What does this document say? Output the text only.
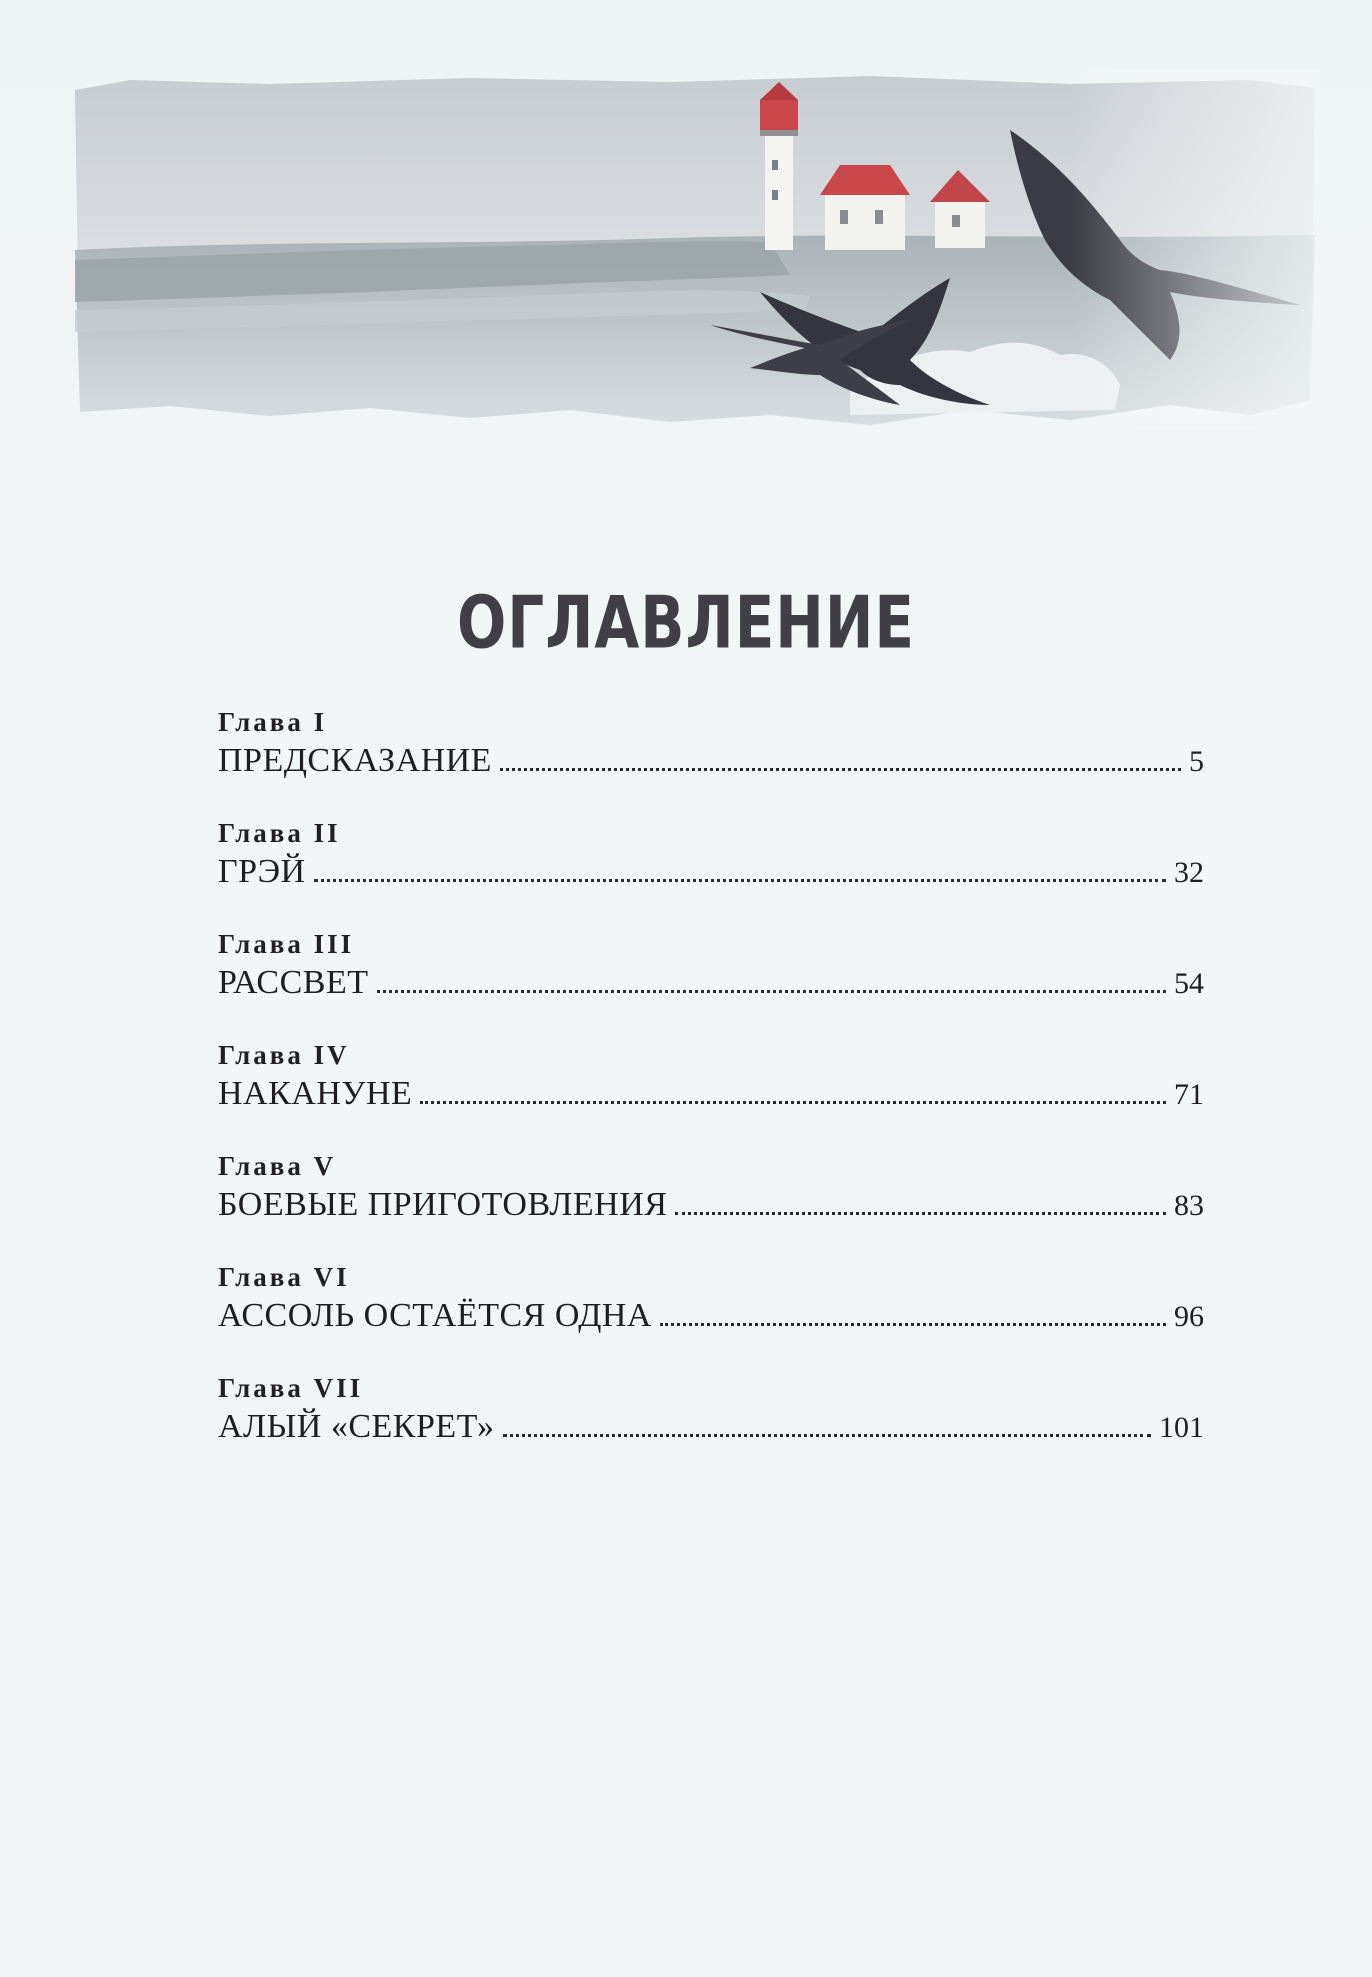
ОГЛАВЛЕНИЕ
Глава I
ПРЕДСКАЗАНИЕ	5
Глава II
ГРЭЙ	32
Глава III
РАССВЕТ	54
Глава IV
НАКАНУНЕ	71
Глава V
БОЕВЫЕ ПРИГОТОВЛЕНИЯ	83
Глава VI
АССОЛЬ ОСТАЁТСЯ ОДНА	96
Глава VII
АЛЫЙ «СЕКРЕТ»	101
